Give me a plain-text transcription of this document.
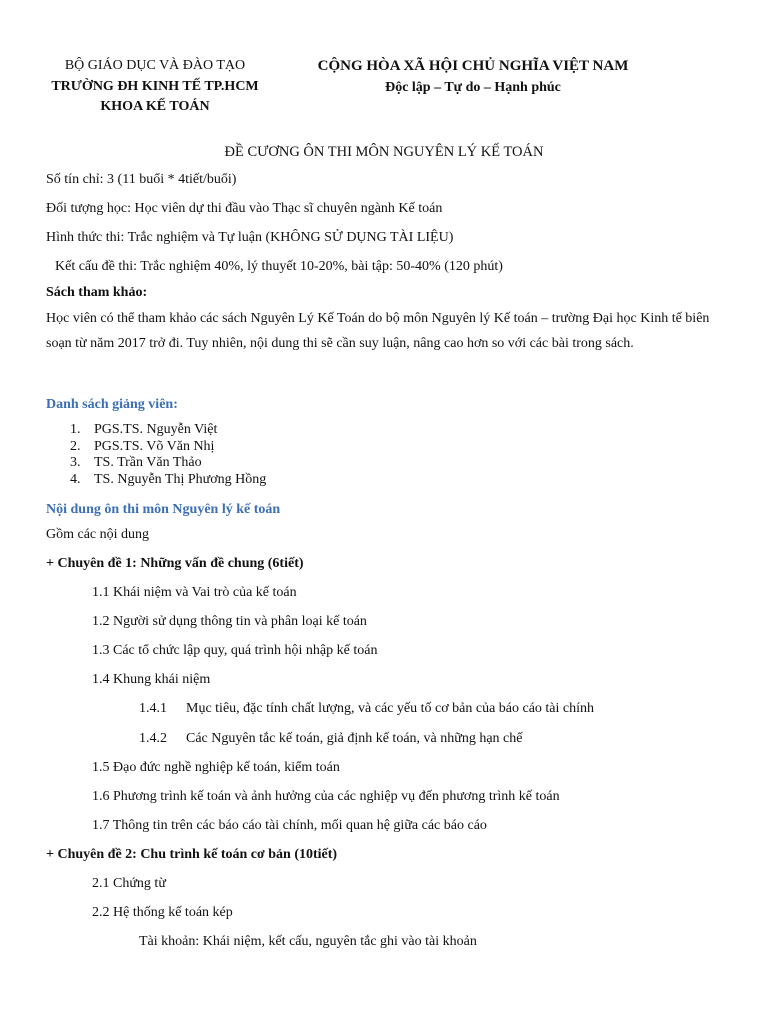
BỘ GIÁO DỤC VÀ ĐÀO TẠO
TRƯỜNG ĐH KINH TẾ TP.HCM
KHOA KẾ TOÁN
CỘNG HÒA XÃ HỘI CHỦ NGHĨA VIỆT NAM
Độc lập – Tự do – Hạnh phúc
ĐỀ CƯƠNG ÔN THI MÔN NGUYÊN LÝ KẾ TOÁN
Số tín chỉ: 3 (11 buổi * 4tiết/buổi)
Đối tượng học: Học viên dự thi đầu vào Thạc sĩ chuyên ngành Kế toán
Hình thức thi: Trắc nghiệm và Tự luận (KHÔNG SỬ DỤNG TÀI LIỆU)
Kết cấu đề thi: Trắc nghiệm 40%, lý thuyết 10-20%, bài tập: 50-40% (120 phút)
Sách tham khảo:
Học viên có thể tham khảo các sách Nguyên Lý Kế Toán do bộ môn Nguyên lý Kế toán – trường Đại học Kinh tế biên soạn từ năm 2017 trở đi. Tuy nhiên, nội dung thi sẽ cần suy luận, nâng cao hơn so với các bài trong sách.
Danh sách giảng viên:
1. PGS.TS. Nguyễn Việt
2. PGS.TS. Võ Văn Nhị
3. TS. Trần Văn Thảo
4. TS. Nguyễn Thị Phương Hồng
Nội dung ôn thi môn Nguyên lý kế toán
Gồm các nội dung
+ Chuyên đề 1: Những vấn đề chung (6tiết)
1.1 Khái niệm và Vai trò của kế toán
1.2 Người sử dụng thông tin và phân loại kế toán
1.3 Các tổ chức lập quy, quá trình hội nhập kế toán
1.4 Khung khái niệm
1.4.1 Mục tiêu, đặc tính chất lượng, và các yếu tố cơ bản của báo cáo tài chính
1.4.2 Các Nguyên tắc kế toán, giả định kế toán, và những hạn chế
1.5 Đạo đức nghề nghiệp kế toán, kiểm toán
1.6 Phương trình kế toán và ảnh hưởng của các nghiệp vụ đến phương trình kế toán
1.7 Thông tin trên các báo cáo tài chính, mối quan hệ giữa các báo cáo
+ Chuyên đề 2: Chu trình kế toán cơ bản (10tiết)
2.1 Chứng từ
2.2 Hệ thống kế toán kép
Tài khoản: Khái niệm, kết cấu, nguyên tắc ghi vào tài khoản
